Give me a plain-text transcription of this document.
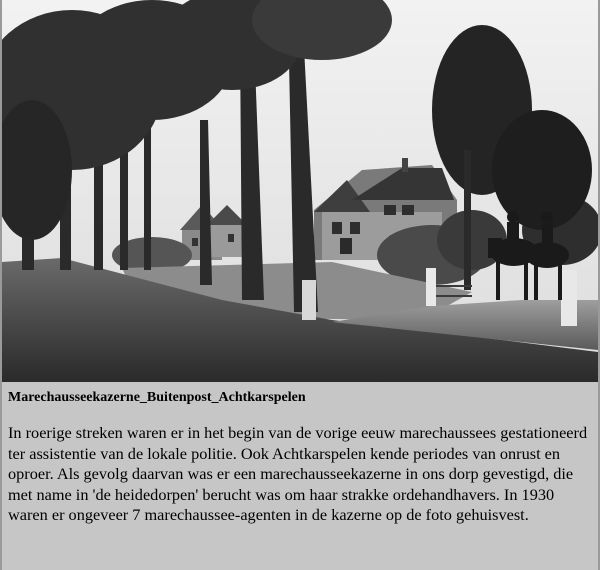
Marechausseekazerne_Buitenpost_Achtkarspelen

In roerige streken waren er in het begin van de vorige eeuw marechaussees gestationeerd ter assistentie van de lokale politie. Ook Achtkarspelen kende periodes van onrust en oproer. Als gevolg daarvan was er een marechausseekazerne in ons dorp gevestigd, die met name in 'de heidedorpen' berucht was om haar strakke ordehandhavers. In 1930 waren er ongeveer 7 marechaussee-agenten in de kazerne op de foto gehuisvest.
